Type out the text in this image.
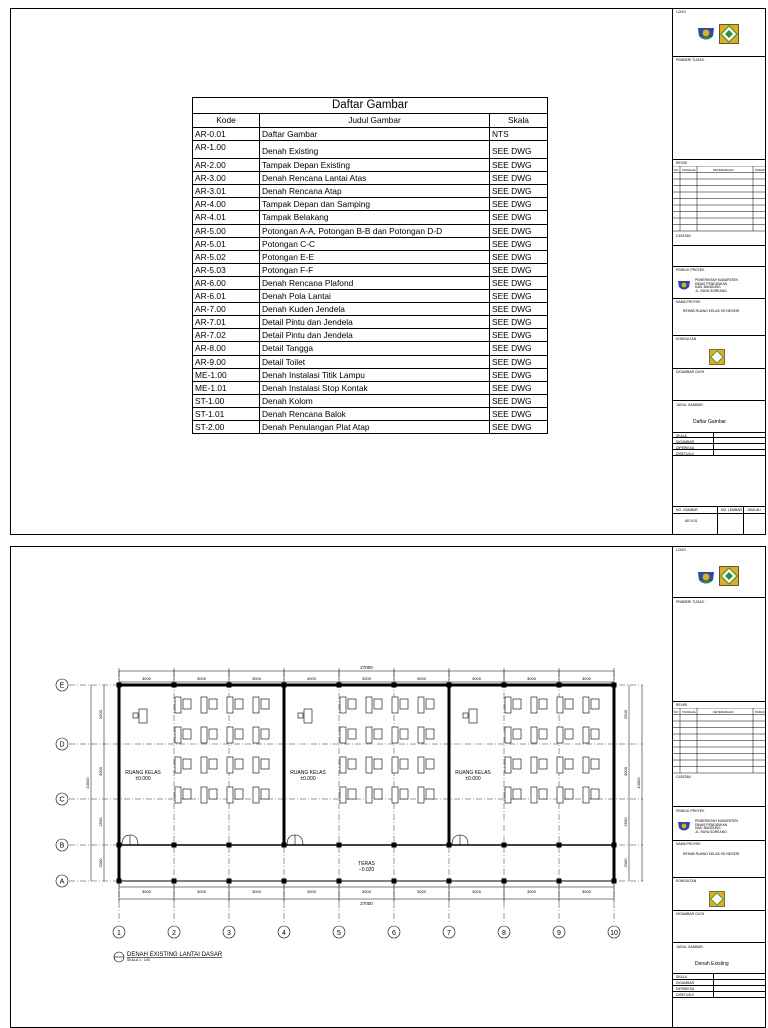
Daftar Gambar
Kode	Judul Gambar	Skala
AR-0.01	Daftar Gambar	NTS
AR-1.00	Denah Existing	SEE DWG
AR-2.00	Tampak Depan Existing	SEE DWG
AR-3.00	Denah Rencana Lantai Atas	SEE DWG
AR-3.01	Denah Rencana Atap	SEE DWG
AR-4.00	Tampak Depan dan Samping	SEE DWG
AR-4.01	Tampak Belakang	SEE DWG
AR-5.00	Potongan A-A, Potongan B-B dan Potongan D-D	SEE DWG
AR-5.01	Potongan C-C	SEE DWG
AR-5.02	Potongan E-E	SEE DWG
AR-5.03	Potongan F-F	SEE DWG
AR-6.00	Denah Rencana Plafond	SEE DWG
AR-6.01	Denah Pola Lantai	SEE DWG
AR-7.00	Denah Kuden Jendela	SEE DWG
AR-7.01	Detail Pintu dan Jendela	SEE DWG
AR-7.02	Detail Pintu dan Jendela	SEE DWG
AR-8.00	Detail Tangga	SEE DWG
AR-9.00	Detail Toilet	SEE DWG
ME-1.00	Denah Instalasi Titik Lampu	SEE DWG
ME-1.01	Denah Instalasi Stop Kontak	SEE DWG
ST-1.00	Denah Kolom	SEE DWG
ST-1.01	Denah Rencana Balok	SEE DWG
ST-2.00	Denah Penulangan Plat Atap	SEE DWG
LOGO
PEMBERI TUGAS :
REVISI
NO TANGGAL	KETERANGAN	PARAF
CATATAN
PEMILIK PROYEK
PEMERINTAH KABUPATEN
DINAS PENDIDIKAN
KAB. BANDUNG
JL. RAYA SOREANG
NAMA PROYEK
REHAB RUANG KELAS SD NEGERI
KONSULTAN
DIGAMBAR OLEH
JUDUL GAMBAR :
Daftar Gambar
SKALA
DIGAMBAR
DIPERIKSA
DISETUJUI
NO. GAMBAR	NO. LEMBAR JUMLAH
AR-0.01
1	2	3	4	5	6	7	8	9	10
E
D
C
B
A
27000
3000
3000
3000
3000
3000
3000
3000
3000
3000
3000
3000
3000
3000
3000
3000
3000
3000
3000
27000
2500	2500
3000	3000
2500	2500
2000	2000
10000	10000
RUANG KELAS
±0.000
RUANG KELAS
±0.000
RUANG KELAS
±0.000
TERAS
−0.020
DENAH EXISTING LANTAI DASAR
SKALA 1 : 100
LOGO
PEMBERI TUGAS :
REVISI
NO TANGGAL	KETERANGAN	PARAF
CATATAN
PEMILIK PROYEK
PEMERINTAH KABUPATEN
DINAS PENDIDIKAN
KAB. BANDUNG
JL. RAYA SOREANG
NAMA PROYEK
REHAB RUANG KELAS SD NEGERI
KONSULTAN
DIGAMBAR OLEH
JUDUL GAMBAR :
Denah Existing
SKALA
DIGAMBAR
DIPERIKSA
DISETUJUI
